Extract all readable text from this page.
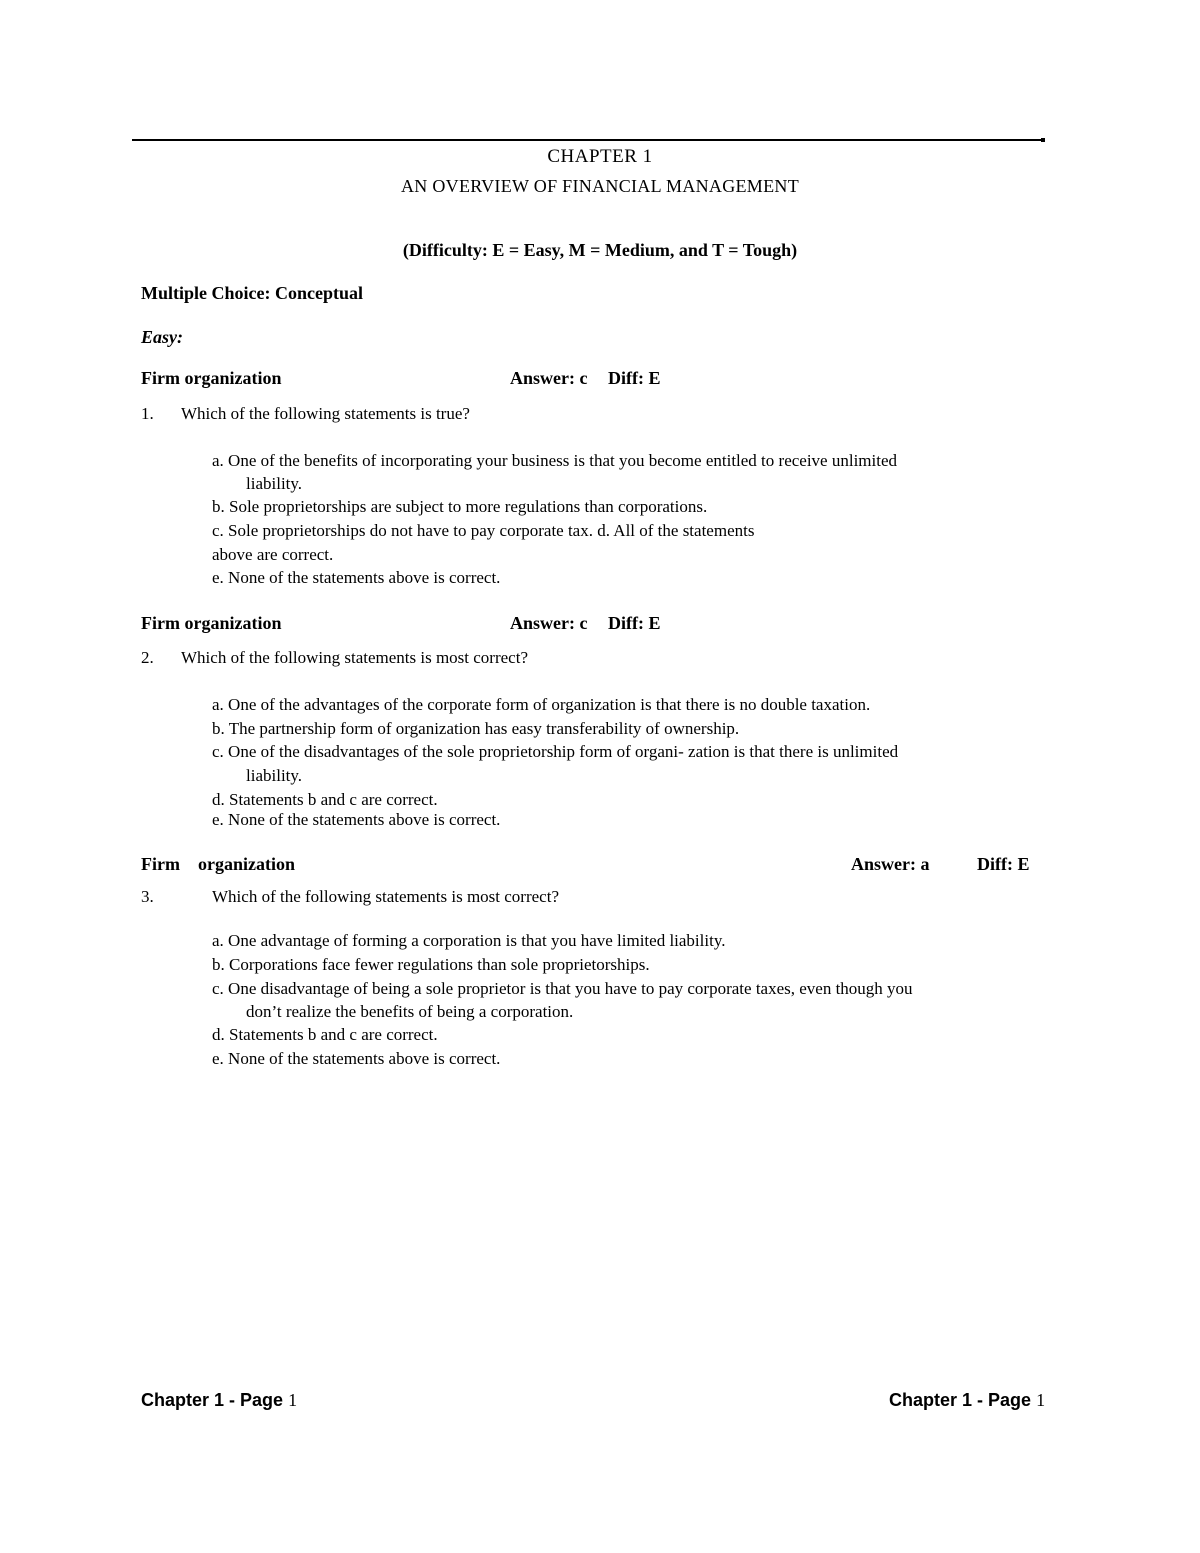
CHAPTER 1
AN OVERVIEW OF FINANCIAL MANAGEMENT
(Difficulty: E = Easy, M = Medium, and T = Tough)
Multiple Choice: Conceptual
Easy:
Firm organization	Answer: c Diff: E
1. Which of the following statements is true?
a. One of the benefits of incorporating your business is that you become entitled to receive unlimited
liability.
b. Sole proprietorships are subject to more regulations than corporations.
c. Sole proprietorships do not have to pay corporate tax. d. All of the statements
above are correct.
e. None of the statements above is correct.
Firm organization	Answer: c Diff: E
2. Which of the following statements is most correct?
a. One of the advantages of the corporate form of organization is that there is no double taxation.
b. The partnership form of organization has easy transferability of ownership.
c. One of the disadvantages of the sole proprietorship form of organi- zation is that there is unlimited
liability.
d. Statements b and c are correct.
e. None of the statements above is correct.
Firm organization	Answer: a	Diff: E
3.	Which of the following statements is most correct?
a. One advantage of forming a corporation is that you have limited liability.
b. Corporations face fewer regulations than sole proprietorships.
c. One disadvantage of being a sole proprietor is that you have to pay corporate taxes, even though you
don’t realize the benefits of being a corporation.
d. Statements b and c are correct.
e. None of the statements above is correct.
Chapter 1 - Page 1	Chapter 1 - Page 1
